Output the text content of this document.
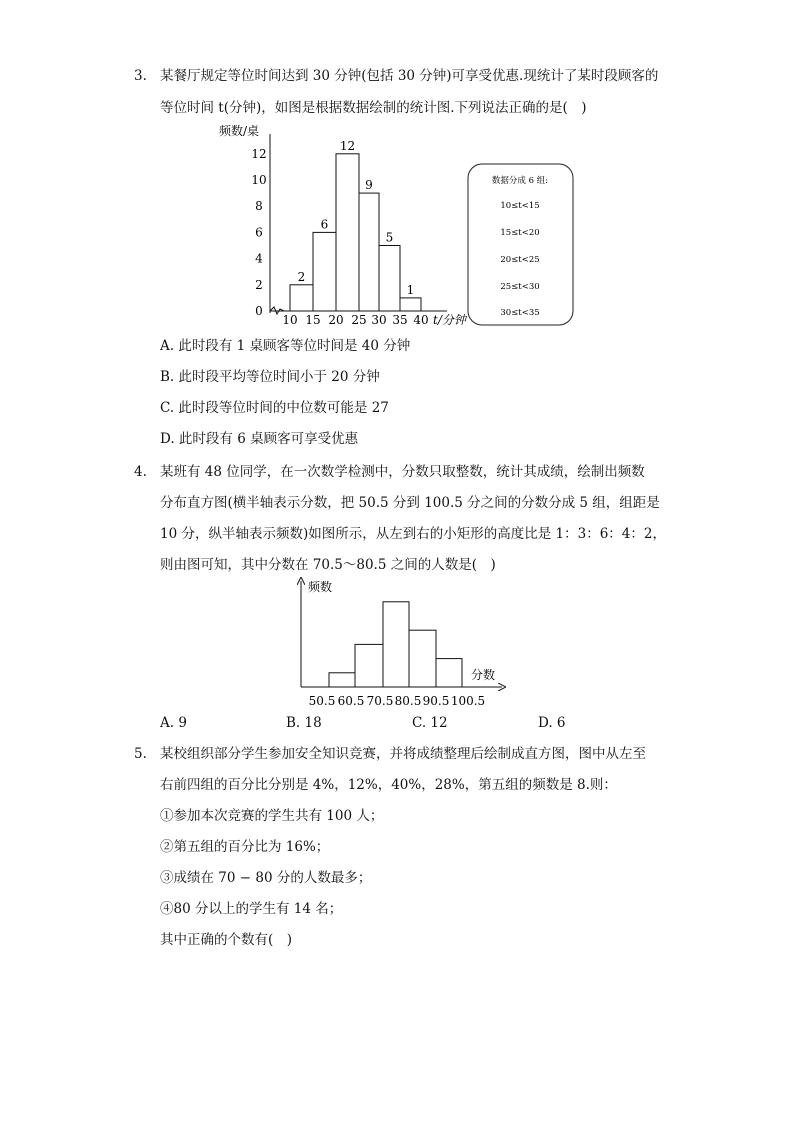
3. 某餐厅规定等位时间达到 30 分钟(包括 30 分钟)可享受优惠.现统计了某时段顾客的
等位时间 t(分钟)，如图是根据数据绘制的统计图.下列说法正确的是(　)
频数/桌
t/分钟
0
2
4
6
8
10
12
10 15 20 25 30 35 40
2
6
12
9
5
1
数据分成 6 组:
10≤t<15
15≤t<20
20≤t<25
25≤t<30
30≤t<35
A. 此时段有 1 桌顾客等位时间是 40 分钟
B. 此时段平均等位时间小于 20 分钟
C. 此时段等位时间的中位数可能是 27
D. 此时段有 6 桌顾客可享受优惠
4. 某班有 48 位同学，在一次数学检测中，分数只取整数，统计其成绩，绘制出频数
分布直方图(横半轴表示分数，把 50.5 分到 100.5 分之间的分数分成 5 组，组距是
10 分，纵半轴表示频数)如图所示，从左到右的小矩形的高度比是 1：3：6：4：2，
则由图可知，其中分数在 70.5～80.5 之间的人数是(　)
频数
分数
50.5 60.5 70.5 80.5 90.5 100.5
A. 9	B. 18	C. 12	D. 6
5. 某校组织部分学生参加安全知识竞赛，并将成绩整理后绘制成直方图，图中从左至
右前四组的百分比分别是 4%，12%，40%，28%，第五组的频数是 8.则：
①参加本次竞赛的学生共有 100 人；
②第五组的百分比为 16%；
③成绩在 70 − 80 分的人数最多；
④80 分以上的学生有 14 名；
其中正确的个数有(　)
